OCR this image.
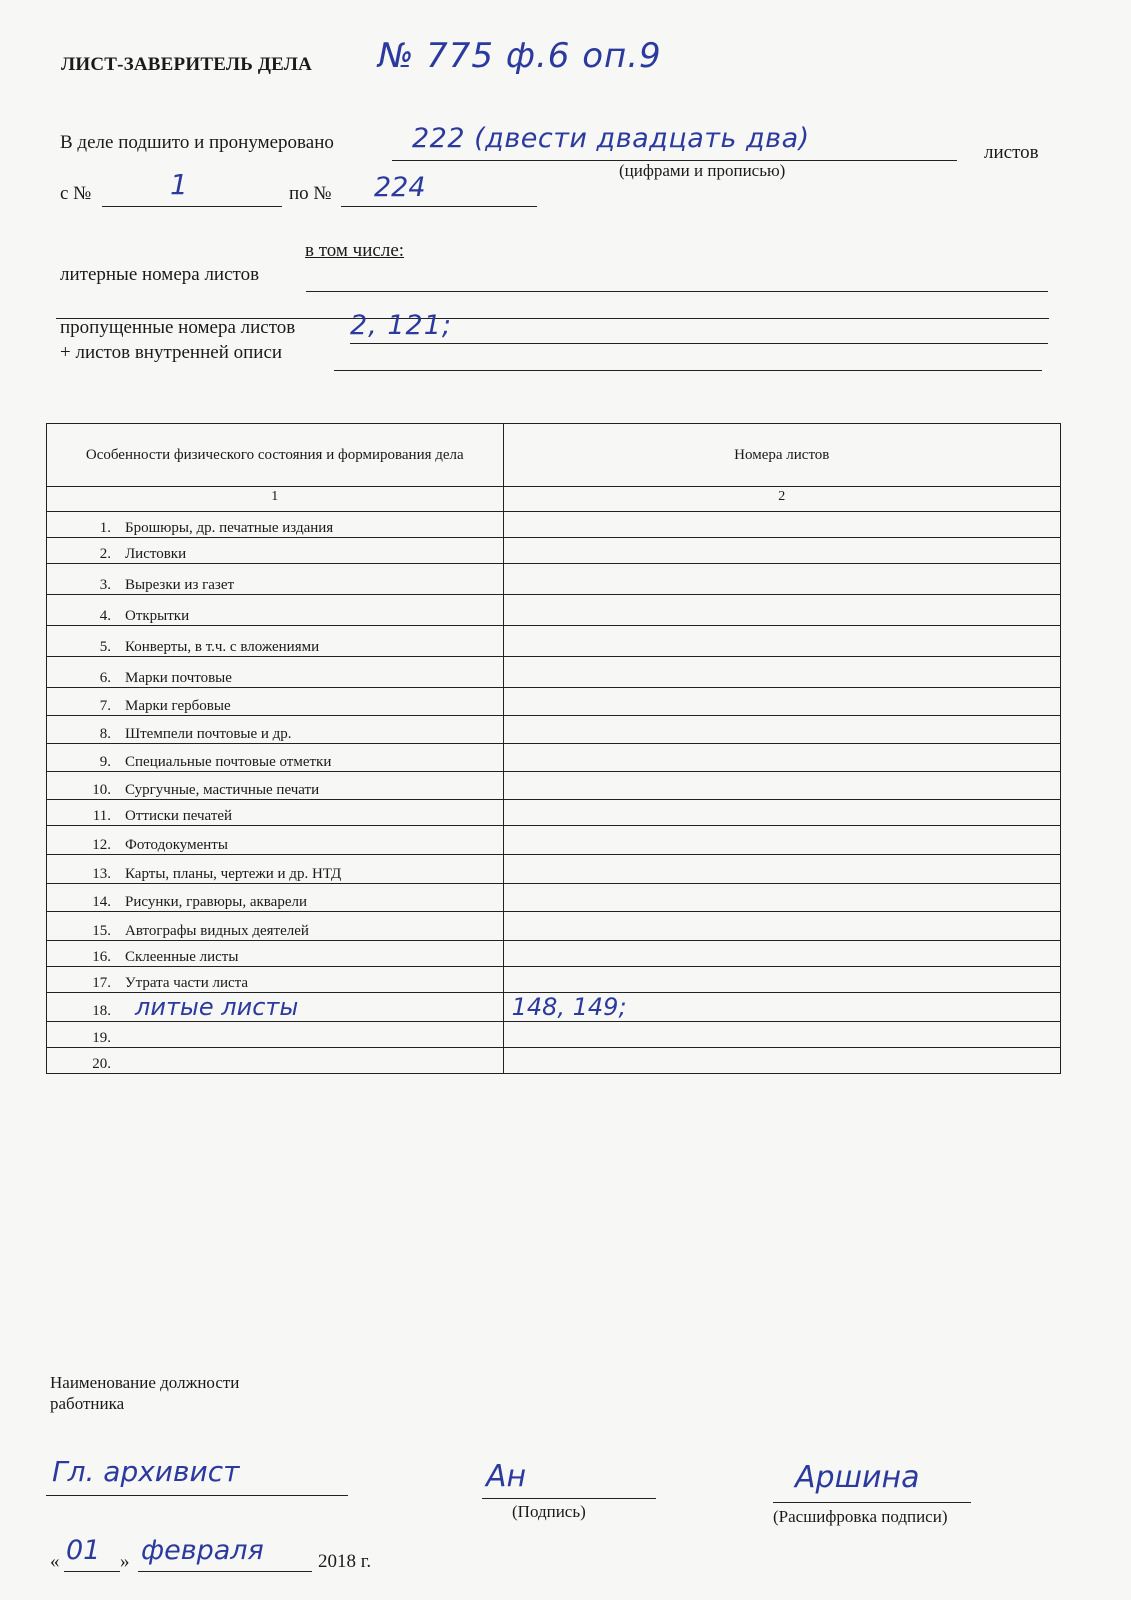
ЛИСТ-ЗАВЕРИТЕЛЬ ДЕЛА № 775 ф.6 оп.9
В деле подшито и пронумеровано	222 (двести двадцать два)	листов
(цифрами и прописью)
с №	1	по № 224
в том числе:
литерные номера листов
пропущенные номера листов 2, 121;
+ листов внутренней описи
Особенности физического состояния и формирования дела	Номера листов
1	2
1. Брошюры, др. печатные издания	
2. Листовки	
3. Вырезки из газет	
4. Открытки	
5. Конверты, в т.ч. с вложениями	
6. Марки почтовые	
7. Марки гербовые	
8. Штемпели почтовые и др.	
9. Специальные почтовые отметки	
10. Сургучные, мастичные печати	
11. Оттиски печатей	
12. Фотодокументы	
13. Карты, планы, чертежи и др. НТД	
14. Рисунки, гравюры, акварели	
15. Автографы видных деятелей	
16. Склеенные листы	
17. Утрата части листа	
18. литые листы	148, 149;
19.	
20.	
Наименование должности работника
Гл. архивист	Ан
(Подпись)
Аршина
(Расшифровка подписи)
« 01 » февраля	2018 г.
